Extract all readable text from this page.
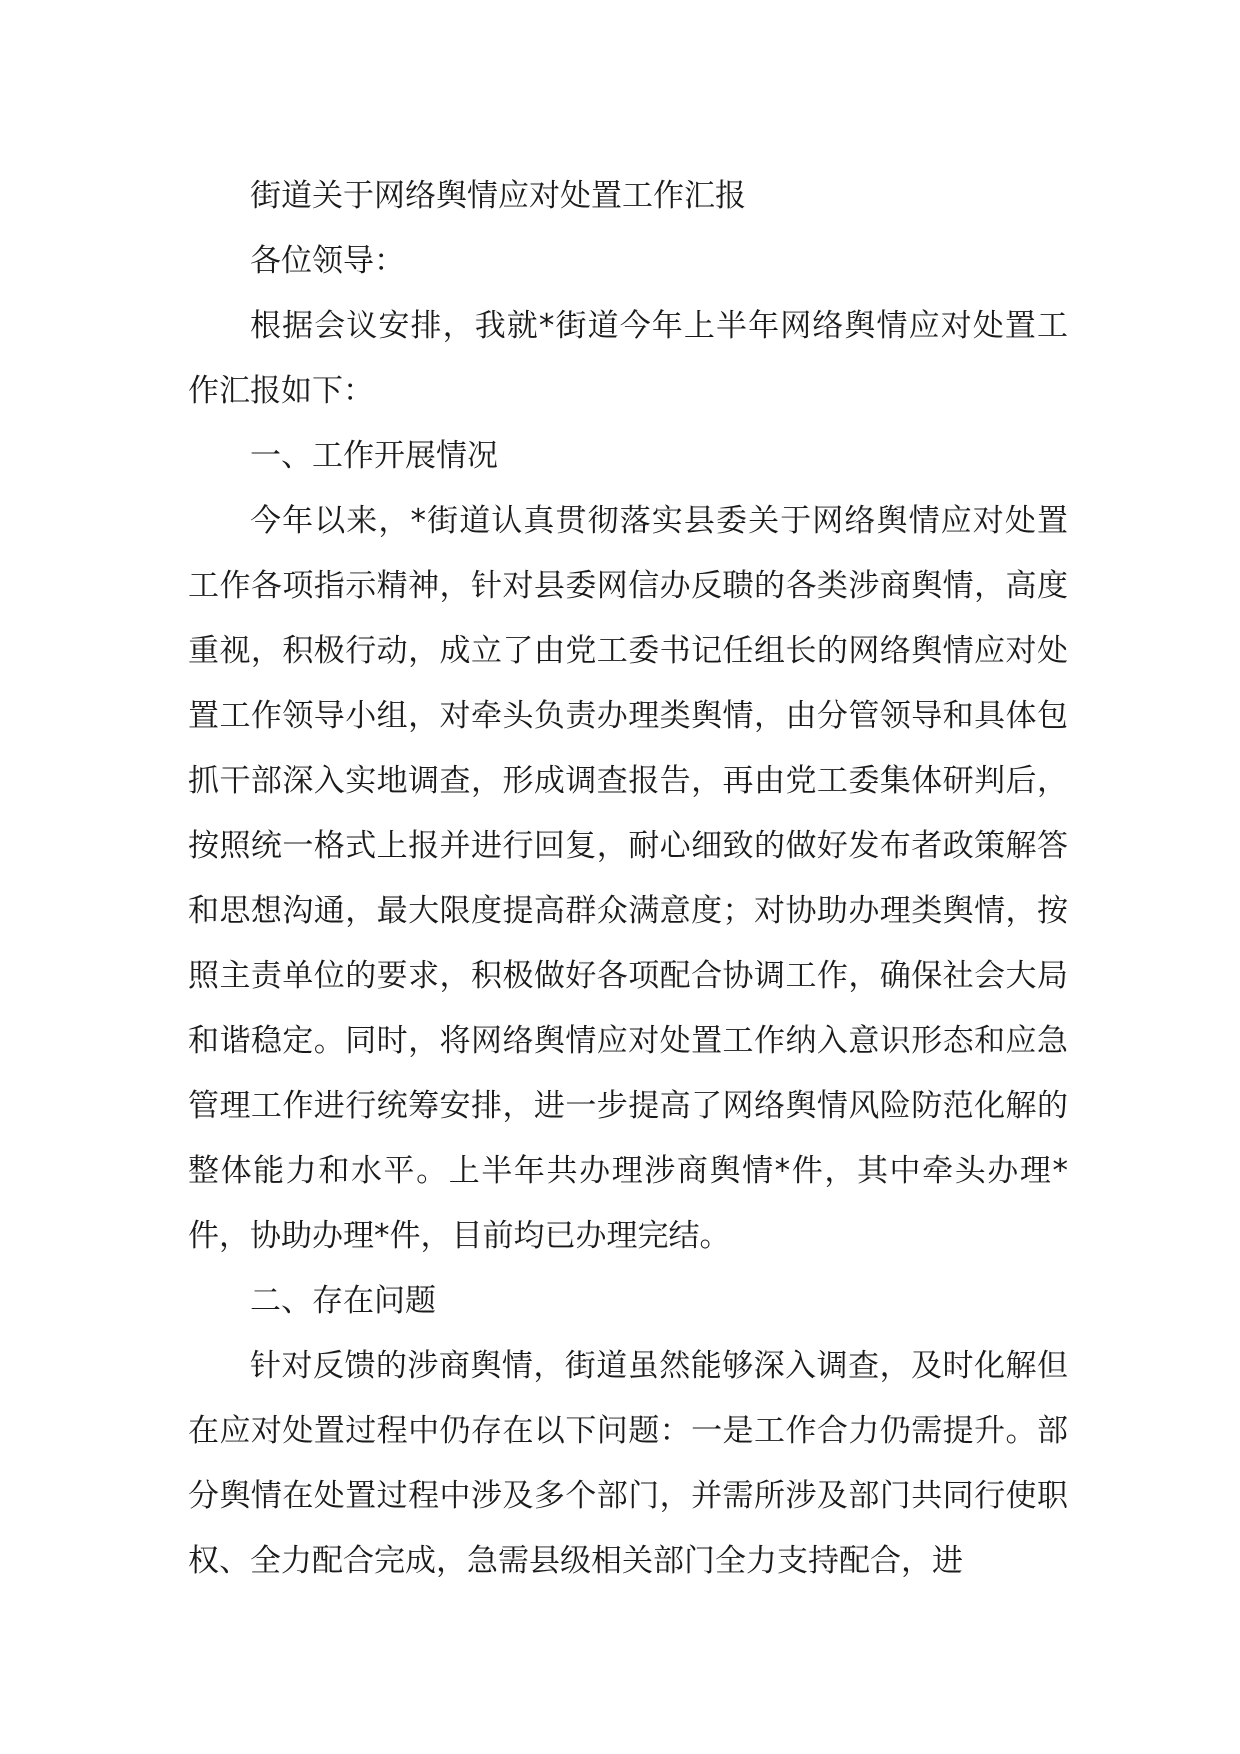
街道关于网络舆情应对处置工作汇报

各位领导：

根据会议安排，我就*街道今年上半年网络舆情应对处置工作汇报如下：

一、工作开展情况

今年以来，*街道认真贯彻落实县委关于网络舆情应对处置工作各项指示精神，针对县委网信办反聩的各类涉商舆情，高度重视，积极行动，成立了由党工委书记任组长的网络舆情应对处置工作领导小组，对牵头负责办理类舆情，由分管领导和具体包抓干部深入实地调查，形成调查报告，再由党工委集体研判后，按照统一格式上报并进行回复，耐心细致的做好发布者政策解答和思想沟通，最大限度提高群众满意度；对协助办理类舆情，按照主责单位的要求，积极做好各项配合协调工作，确保社会大局和谐稳定。同时，将网络舆情应对处置工作纳入意识形态和应急管理工作进行统筹安排，进一步提高了网络舆情风险防范化解的整体能力和水平。上半年共办理涉商舆情*件，其中牵头办理*件，协助办理*件，目前均已办理完结。

二、存在问题

针对反馈的涉商舆情，街道虽然能够深入调查，及时化解但在应对处置过程中仍存在以下问题：一是工作合力仍需提升。部分舆情在处置过程中涉及多个部门，并需所涉及部门共同行使职权、全力配合完成，急需县级相关部门全力支持配合，进
